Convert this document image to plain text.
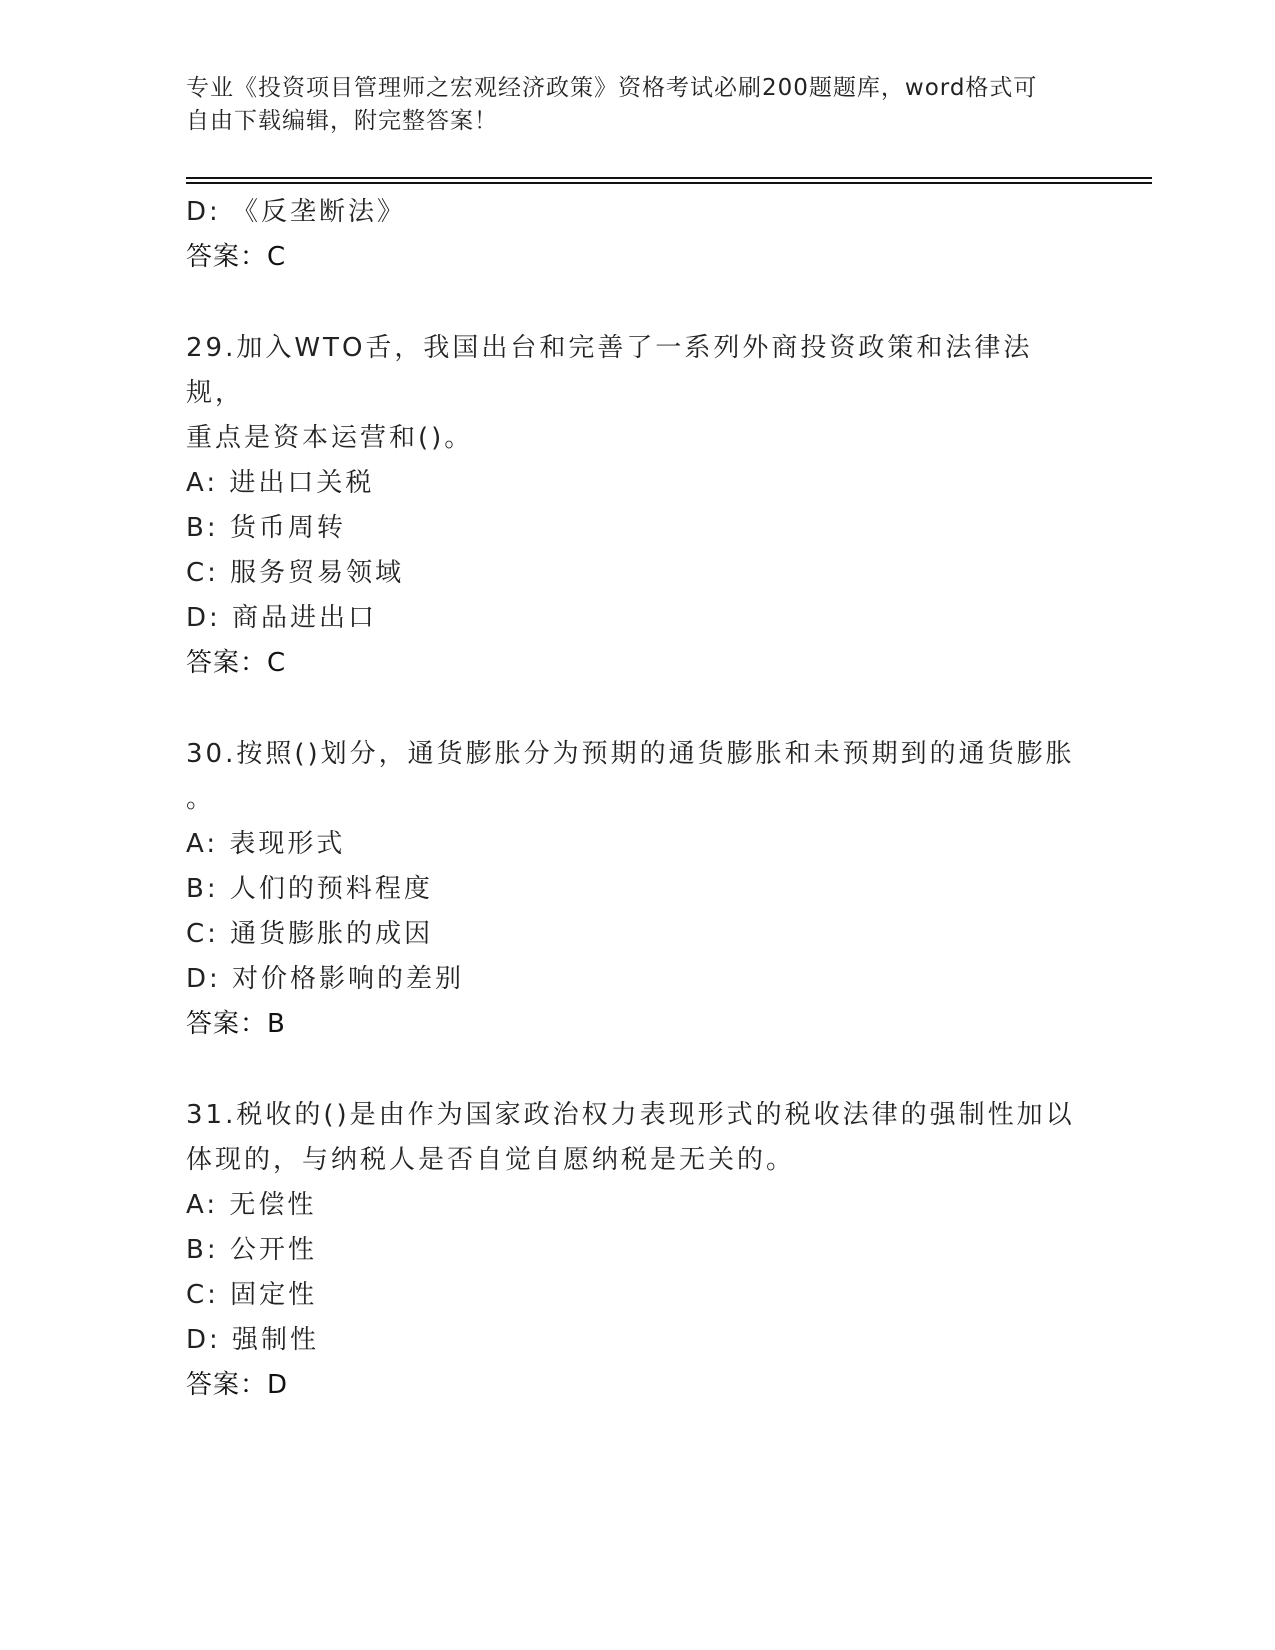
专业《投资项目管理师之宏观经济政策》资格考试必刷200题题库，word格式可
自由下载编辑，附完整答案！
D: 《反垄断法》
答案：C
29.加入WTO舌，我国出台和完善了一系列外商投资政策和法律法规，
重点是资本运营和()。
A: 进出口关税
B: 货币周转
C: 服务贸易领域
D: 商品进出口
答案：C
30.按照()划分，通货膨胀分为预期的通货膨胀和未预期到的通货膨胀
。
A: 表现形式
B: 人们的预料程度
C: 通货膨胀的成因
D: 对价格影响的差别
答案：B
31.税收的()是由作为国家政治权力表现形式的税收法律的强制性加以
体现的，与纳税人是否自觉自愿纳税是无关的。
A: 无偿性
B: 公开性
C: 固定性
D: 强制性
答案：D
